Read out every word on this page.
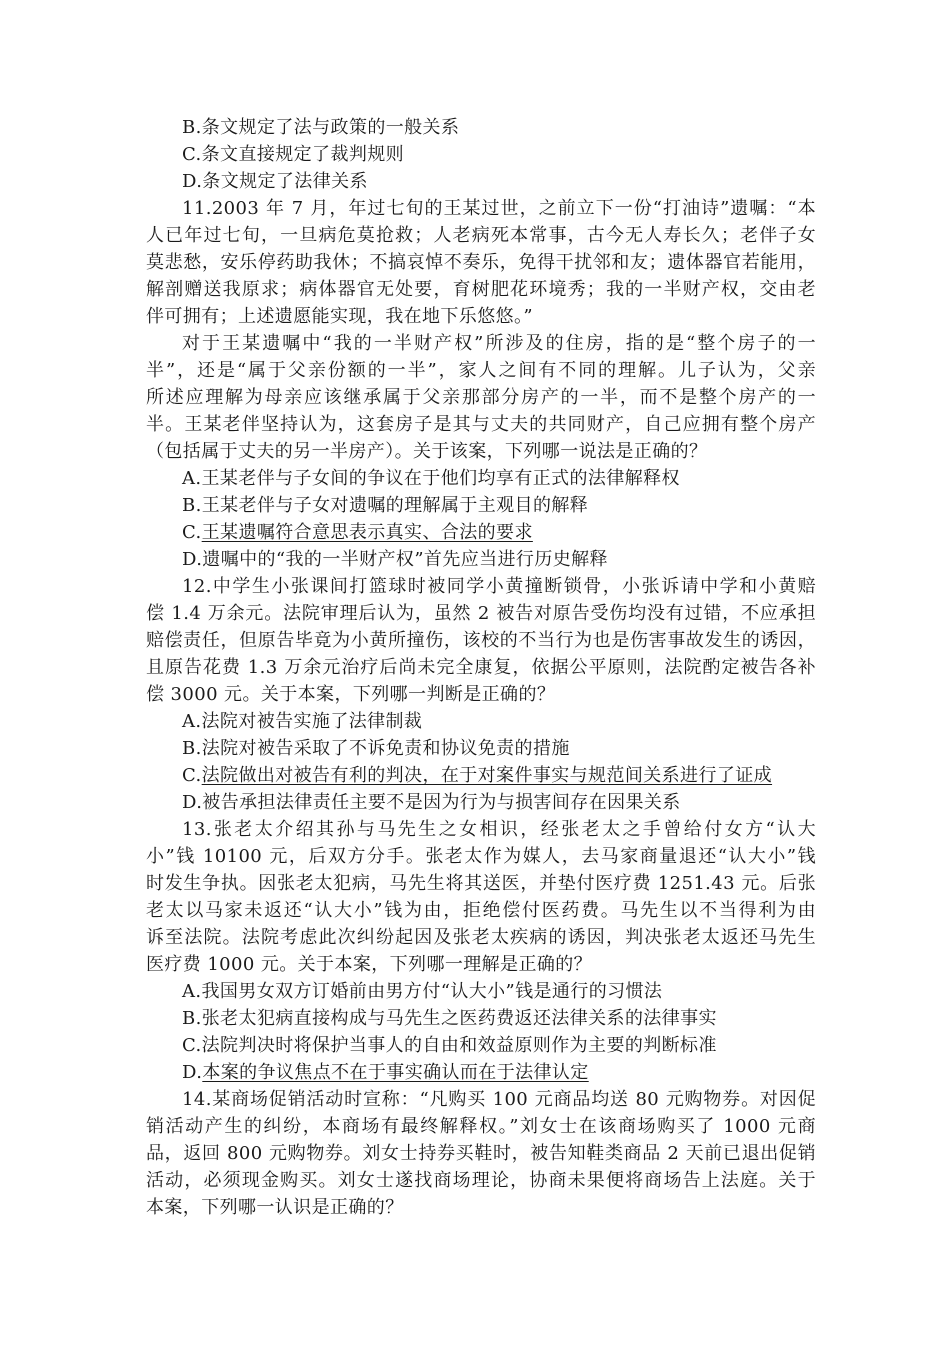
B.条文规定了法与政策的一般关系
C.条文直接规定了裁判规则
D.条文规定了法律关系
11.2003 年 7 月，年过七旬的王某过世，之前立下一份“打油诗”遗嘱：“本
人已年过七旬，一旦病危莫抢救；人老病死本常事，古今无人寿长久；老伴子女
莫悲愁，安乐停药助我休；不搞哀悼不奏乐，免得干扰邻和友；遗体器官若能用，
解剖赠送我原求；病体器官无处要，育树肥花环境秀；我的一半财产权，交由老
伴可拥有；上述遗愿能实现，我在地下乐悠悠。”
对于王某遗嘱中“我的一半财产权”所涉及的住房，指的是“整个房子的一
半”，还是“属于父亲份额的一半”，家人之间有不同的理解。儿子认为，父亲
所述应理解为母亲应该继承属于父亲那部分房产的一半，而不是整个房产的一
半。王某老伴坚持认为，这套房子是其与丈夫的共同财产，自己应拥有整个房产
（包括属于丈夫的另一半房产）。关于该案，下列哪一说法是正确的？
A.王某老伴与子女间的争议在于他们均享有正式的法律解释权
B.王某老伴与子女对遗嘱的理解属于主观目的解释
C.王某遗嘱符合意思表示真实、合法的要求
D.遗嘱中的“我的一半财产权”首先应当进行历史解释
12.中学生小张课间打篮球时被同学小黄撞断锁骨，小张诉请中学和小黄赔
偿 1.4 万余元。法院审理后认为，虽然 2 被告对原告受伤均没有过错，不应承担
赔偿责任，但原告毕竟为小黄所撞伤，该校的不当行为也是伤害事故发生的诱因，
且原告花费 1.3 万余元治疗后尚未完全康复，依据公平原则，法院酌定被告各补
偿 3000 元。关于本案，下列哪一判断是正确的？
A.法院对被告实施了法律制裁
B.法院对被告采取了不诉免责和协议免责的措施
C.法院做出对被告有利的判决，在于对案件事实与规范间关系进行了证成
D.被告承担法律责任主要不是因为行为与损害间存在因果关系
13.张老太介绍其孙与马先生之女相识，经张老太之手曾给付女方“认大
小”钱 10100 元，后双方分手。张老太作为媒人，去马家商量退还“认大小”钱
时发生争执。因张老太犯病，马先生将其送医，并垫付医疗费 1251.43 元。后张
老太以马家未返还“认大小”钱为由，拒绝偿付医药费。马先生以不当得利为由
诉至法院。法院考虑此次纠纷起因及张老太疾病的诱因，判决张老太返还马先生
医疗费 1000 元。关于本案，下列哪一理解是正确的？
A.我国男女双方订婚前由男方付“认大小”钱是通行的习惯法
B.张老太犯病直接构成与马先生之医药费返还法律关系的法律事实
C.法院判决时将保护当事人的自由和效益原则作为主要的判断标准
D.本案的争议焦点不在于事实确认而在于法律认定
14.某商场促销活动时宣称：“凡购买 100 元商品均送 80 元购物券。对因促
销活动产生的纠纷，本商场有最终解释权。”刘女士在该商场购买了 1000 元商
品，返回 800 元购物券。刘女士持券买鞋时，被告知鞋类商品 2 天前已退出促销
活动，必须现金购买。刘女士遂找商场理论，协商未果便将商场告上法庭。关于
本案，下列哪一认识是正确的？
